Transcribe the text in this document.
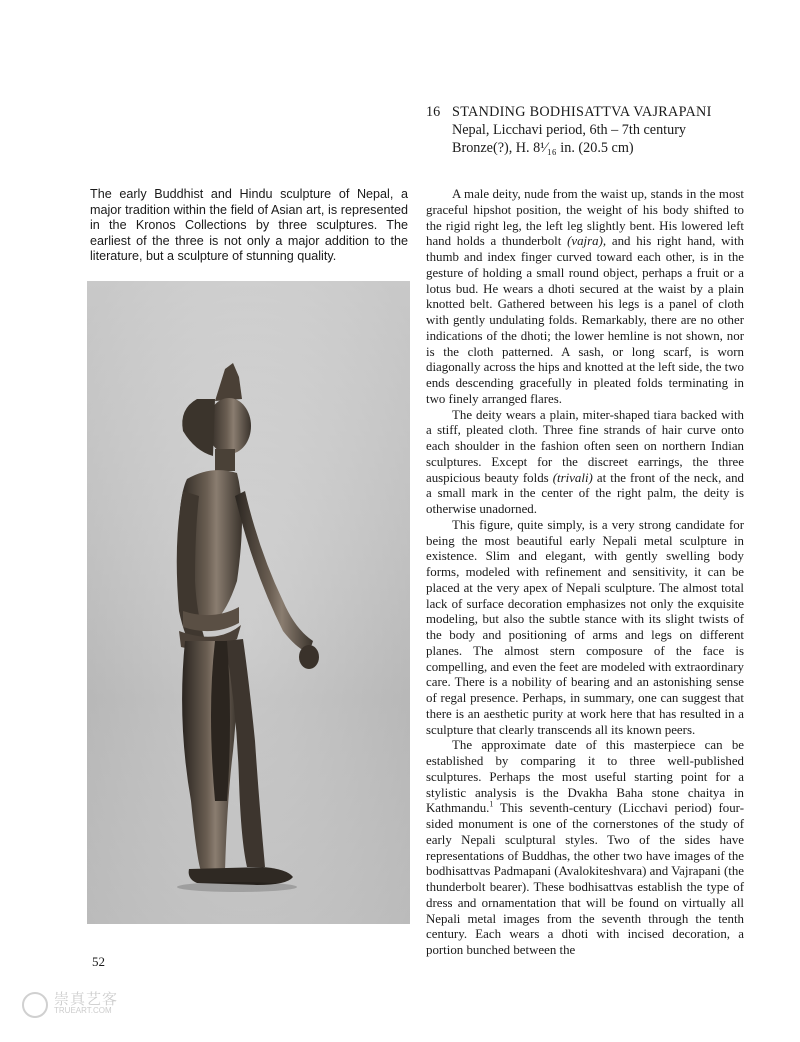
16 STANDING BODHISATTVA VAJRAPANI
Nepal, Licchavi period, 6th – 7th century
Bronze(?), H. 8¹⁄₁₆ in. (20.5 cm)

The early Buddhist and Hindu sculpture of Nepal, a major tradition within the field of Asian art, is represented in the Kronos Collections by three sculptures. The earliest of the three is not only a major addition to the literature, but a sculpture of stunning quality.

A male deity, nude from the waist up, stands in the most graceful hipshot position, the weight of his body shifted to the rigid right leg, the left leg slightly bent. His lowered left hand holds a thunderbolt (vajra), and his right hand, with thumb and index finger curved toward each other, is in the gesture of holding a small round object, perhaps a fruit or a lotus bud. He wears a dhoti secured at the waist by a plain knotted belt. Gathered between his legs is a panel of cloth with gently undulating folds. Remarkably, there are no other indications of the dhoti; the lower hemline is not shown, nor is the cloth patterned. A sash, or long scarf, is worn diagonally across the hips and knotted at the left side, the two ends descending gracefully in pleated folds terminating in two finely arranged flares.

The deity wears a plain, miter-shaped tiara backed with a stiff, pleated cloth. Three fine strands of hair curve onto each shoulder in the fashion often seen on northern Indian sculptures. Except for the discreet earrings, the three auspicious beauty folds (trivali) at the front of the neck, and a small mark in the center of the right palm, the deity is otherwise unadorned.

This figure, quite simply, is a very strong candidate for being the most beautiful early Nepali metal sculpture in existence. Slim and elegant, with gently swelling body forms, modeled with refinement and sensitivity, it can be placed at the very apex of Nepali sculpture. The almost total lack of surface decoration emphasizes not only the exquisite modeling, but also the subtle stance with its slight twists of the body and positioning of arms and legs on different planes. The almost stern composure of the face is compelling, and even the feet are modeled with extraordinary care. There is a nobility of bearing and an astonishing sense of regal presence. Perhaps, in summary, one can suggest that there is an aesthetic purity at work here that has resulted in a sculpture that clearly transcends all its known peers.

The approximate date of this masterpiece can be established by comparing it to three well-published sculptures. Perhaps the most useful starting point for a stylistic analysis is the Dvakha Baha stone chaitya in Kathmandu.$^1$ This seventh-century (Licchavi period) four-sided monument is one of the cornerstones of the study of early Nepali sculptural styles. Two of the sides have representations of Buddhas, the other two have images of the bodhisattvas Padmapani (Avalokiteshvara) and Vajrapani (the thunderbolt bearer). These bodhisattvas establish the type of dress and ornamentation that will be found on virtually all Nepali metal images from the seventh through the tenth century. Each wears a dhoti with incised decoration, a portion bunched between the

52
崇真艺客
TRUEART.COM
